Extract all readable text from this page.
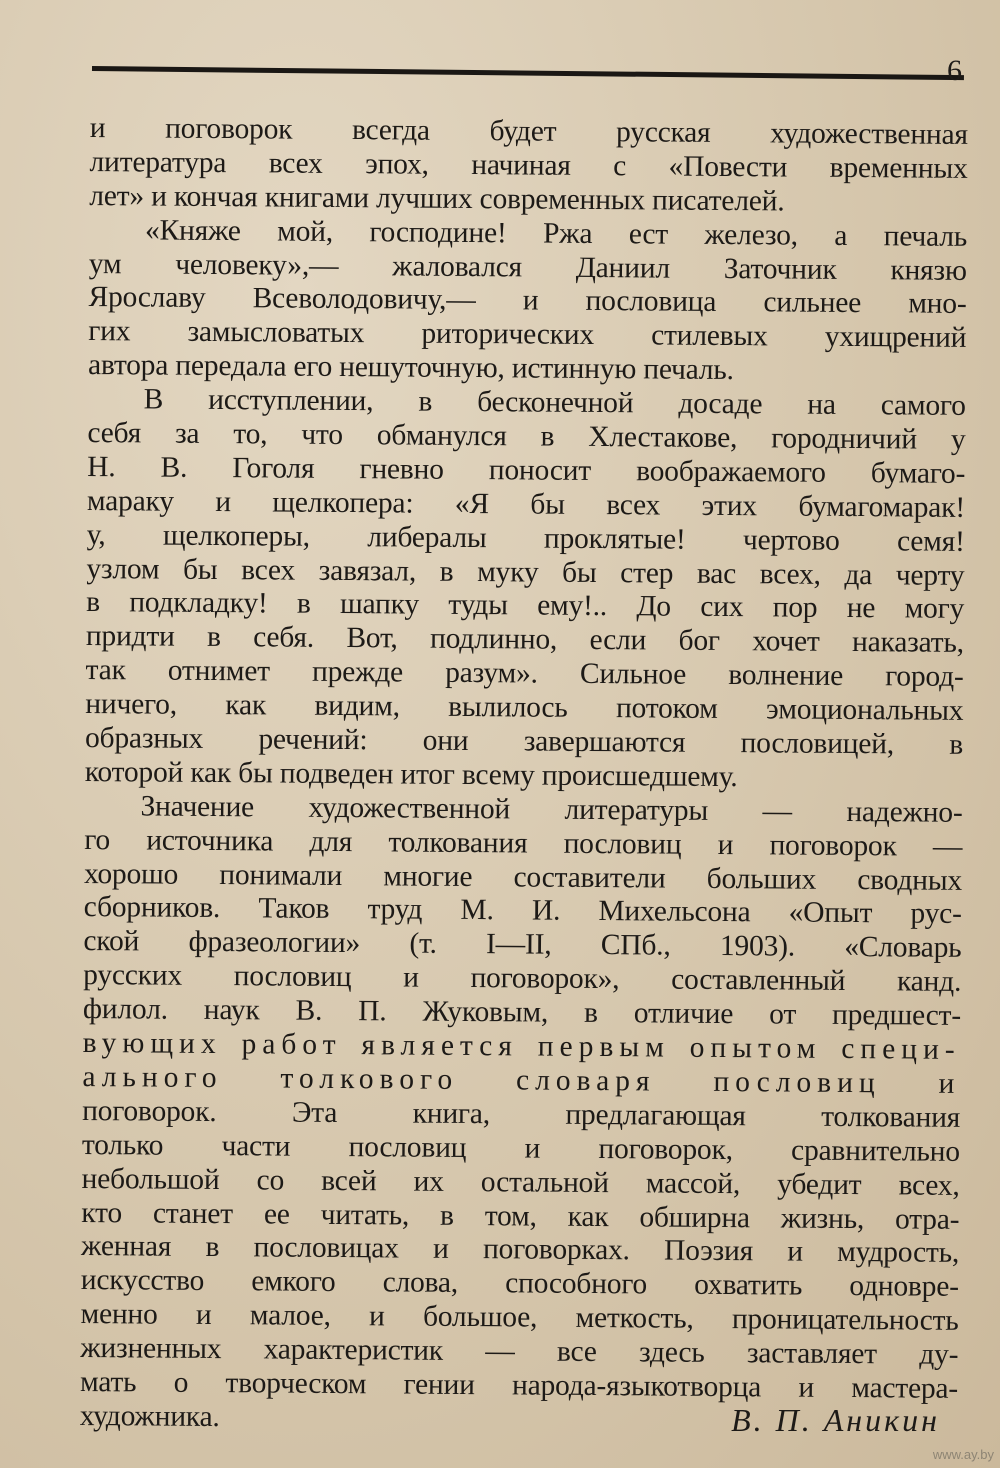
6
и поговорок всегда будет русская художественная
литература всех эпох, начиная с «Повести временных
лет» и кончая книгами лучших современных писателей.
«Княже мой, господине! Ржа ест железо, а печаль
ум человеку»,— жаловался Даниил Заточник князю
Ярославу Всеволодовичу,— и пословица сильнее мно-
гих замысловатых риторических стилевых ухищрений
автора передала его нешуточную, истинную печаль.
В исступлении, в бесконечной досаде на самого
себя за то, что обманулся в Хлестакове, городничий у
Н. В. Гоголя гневно поносит воображаемого бумаго-
мараку и щелкопера: «Я бы всех этих бумагомарак!
у, щелкоперы, либералы проклятые! чертово семя!
узлом бы всех завязал, в муку бы стер вас всех, да черту
в подкладку! в шапку туды ему!.. До сих пор не могу
придти в себя. Вот, подлинно, если бог хочет наказать,
так отнимет прежде разум». Сильное волнение город-
ничего, как видим, вылилось потоком эмоциональных
образных речений: они завершаются пословицей, в
которой как бы подведен итог всему происшедшему.
Значение художественной литературы — надежно-
го источника для толкования пословиц и поговорок —
хорошо понимали многие составители больших сводных
сборников. Таков труд М. И. Михельсона «Опыт рус-
ской фразеологии» (т. I—II, СПб., 1903). «Словарь
русских пословиц и поговорок», составленный канд.
филол. наук В. П. Жуковым, в отличие от предшест-
вующих работ является первым опытом специ-
ального толкового словаря пословиц и
поговорок. Эта книга, предлагающая толкования
только части пословиц и поговорок, сравнительно
небольшой со всей их остальной массой, убедит всех,
кто станет ее читать, в том, как обширна жизнь, отра-
женная в пословицах и поговорках. Поэзия и мудрость,
искусство емкого слова, способного охватить одновре-
менно и малое, и большое, меткость, проницательность
жизненных характеристик — все здесь заставляет ду-
мать о творческом гении народа-языкотворца и мастера-
художника.	В. П. Аникин
www.ay.by
